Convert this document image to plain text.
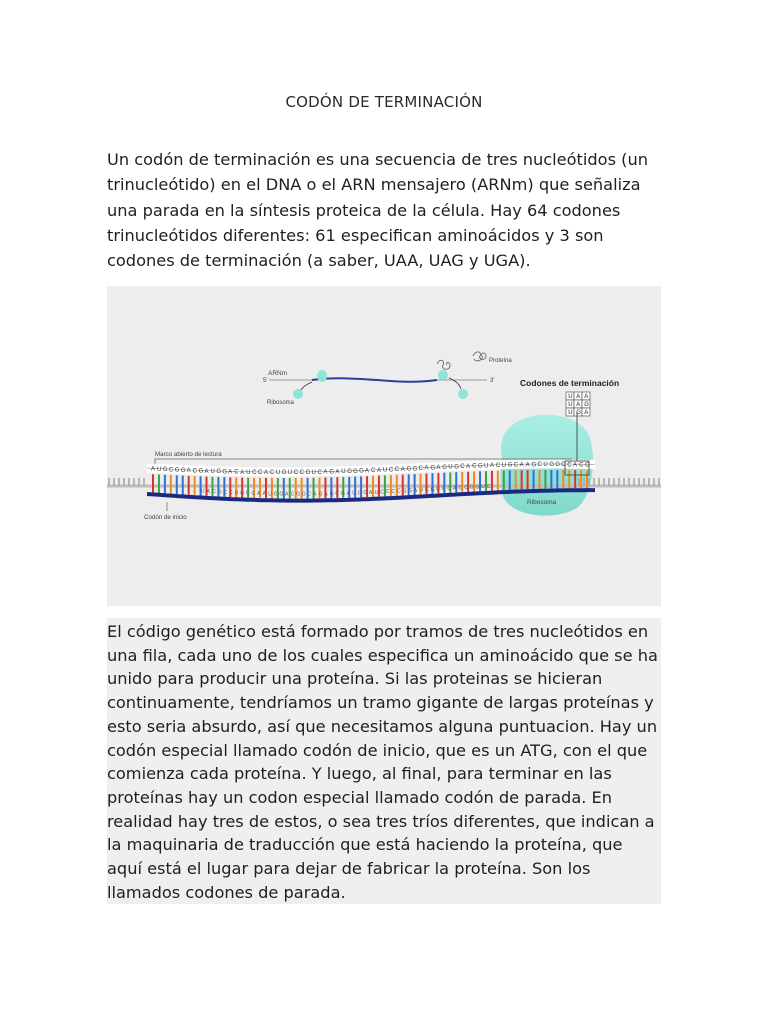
CODÓN DE TERMINACIÓN

Un codón de terminación es una secuencia de tres nucleótidos (un trinucleótido) en el DNA o el ARN mensajero (ARNm) que señaliza una parada en la síntesis proteica de la célula. Hay 64 codones trinucleótidos diferentes: 61 especifican aminoácidos y 3 son codones de terminación (a saber, UAA, UAG y UGA).

ARNm
5'	3'
Ribosoma
Proteína
Codones de terminación
U A A
U A G
U G A
Marco abierto de lectura
A U G C G G A C G A U G G A C A U C C A C U G U C C G U C A G A U G G G A C A U C C A G G C A G A G U G C A C G U A C U G C A A G C U G G C C A C C
U A C G C C U G C C A A U G G A C G G C A G A G C G A U G G A U C C C C G G A U C G U C C A C C G G U C
Codón de inicio
Ribosoma

El código genético está formado por tramos de tres nucleótidos en una fila, cada uno de los cuales especifica un aminoácido que se ha unido para producir una proteína. Si las proteinas se hicieran continuamente, tendríamos un tramo gigante de largas proteínas y esto seria absurdo, así que necesitamos alguna puntuacion. Hay un codón especial llamado codón de inicio, que es un ATG, con el que comienza cada proteína. Y luego, al final, para terminar en las proteínas hay un codon especial llamado codón de parada. En realidad hay tres de estos, o sea tres tríos diferentes, que indican a la maquinaria de traducción que está haciendo la proteína, que aquí está el lugar para dejar de fabricar la proteína. Son los llamados codones de parada.
